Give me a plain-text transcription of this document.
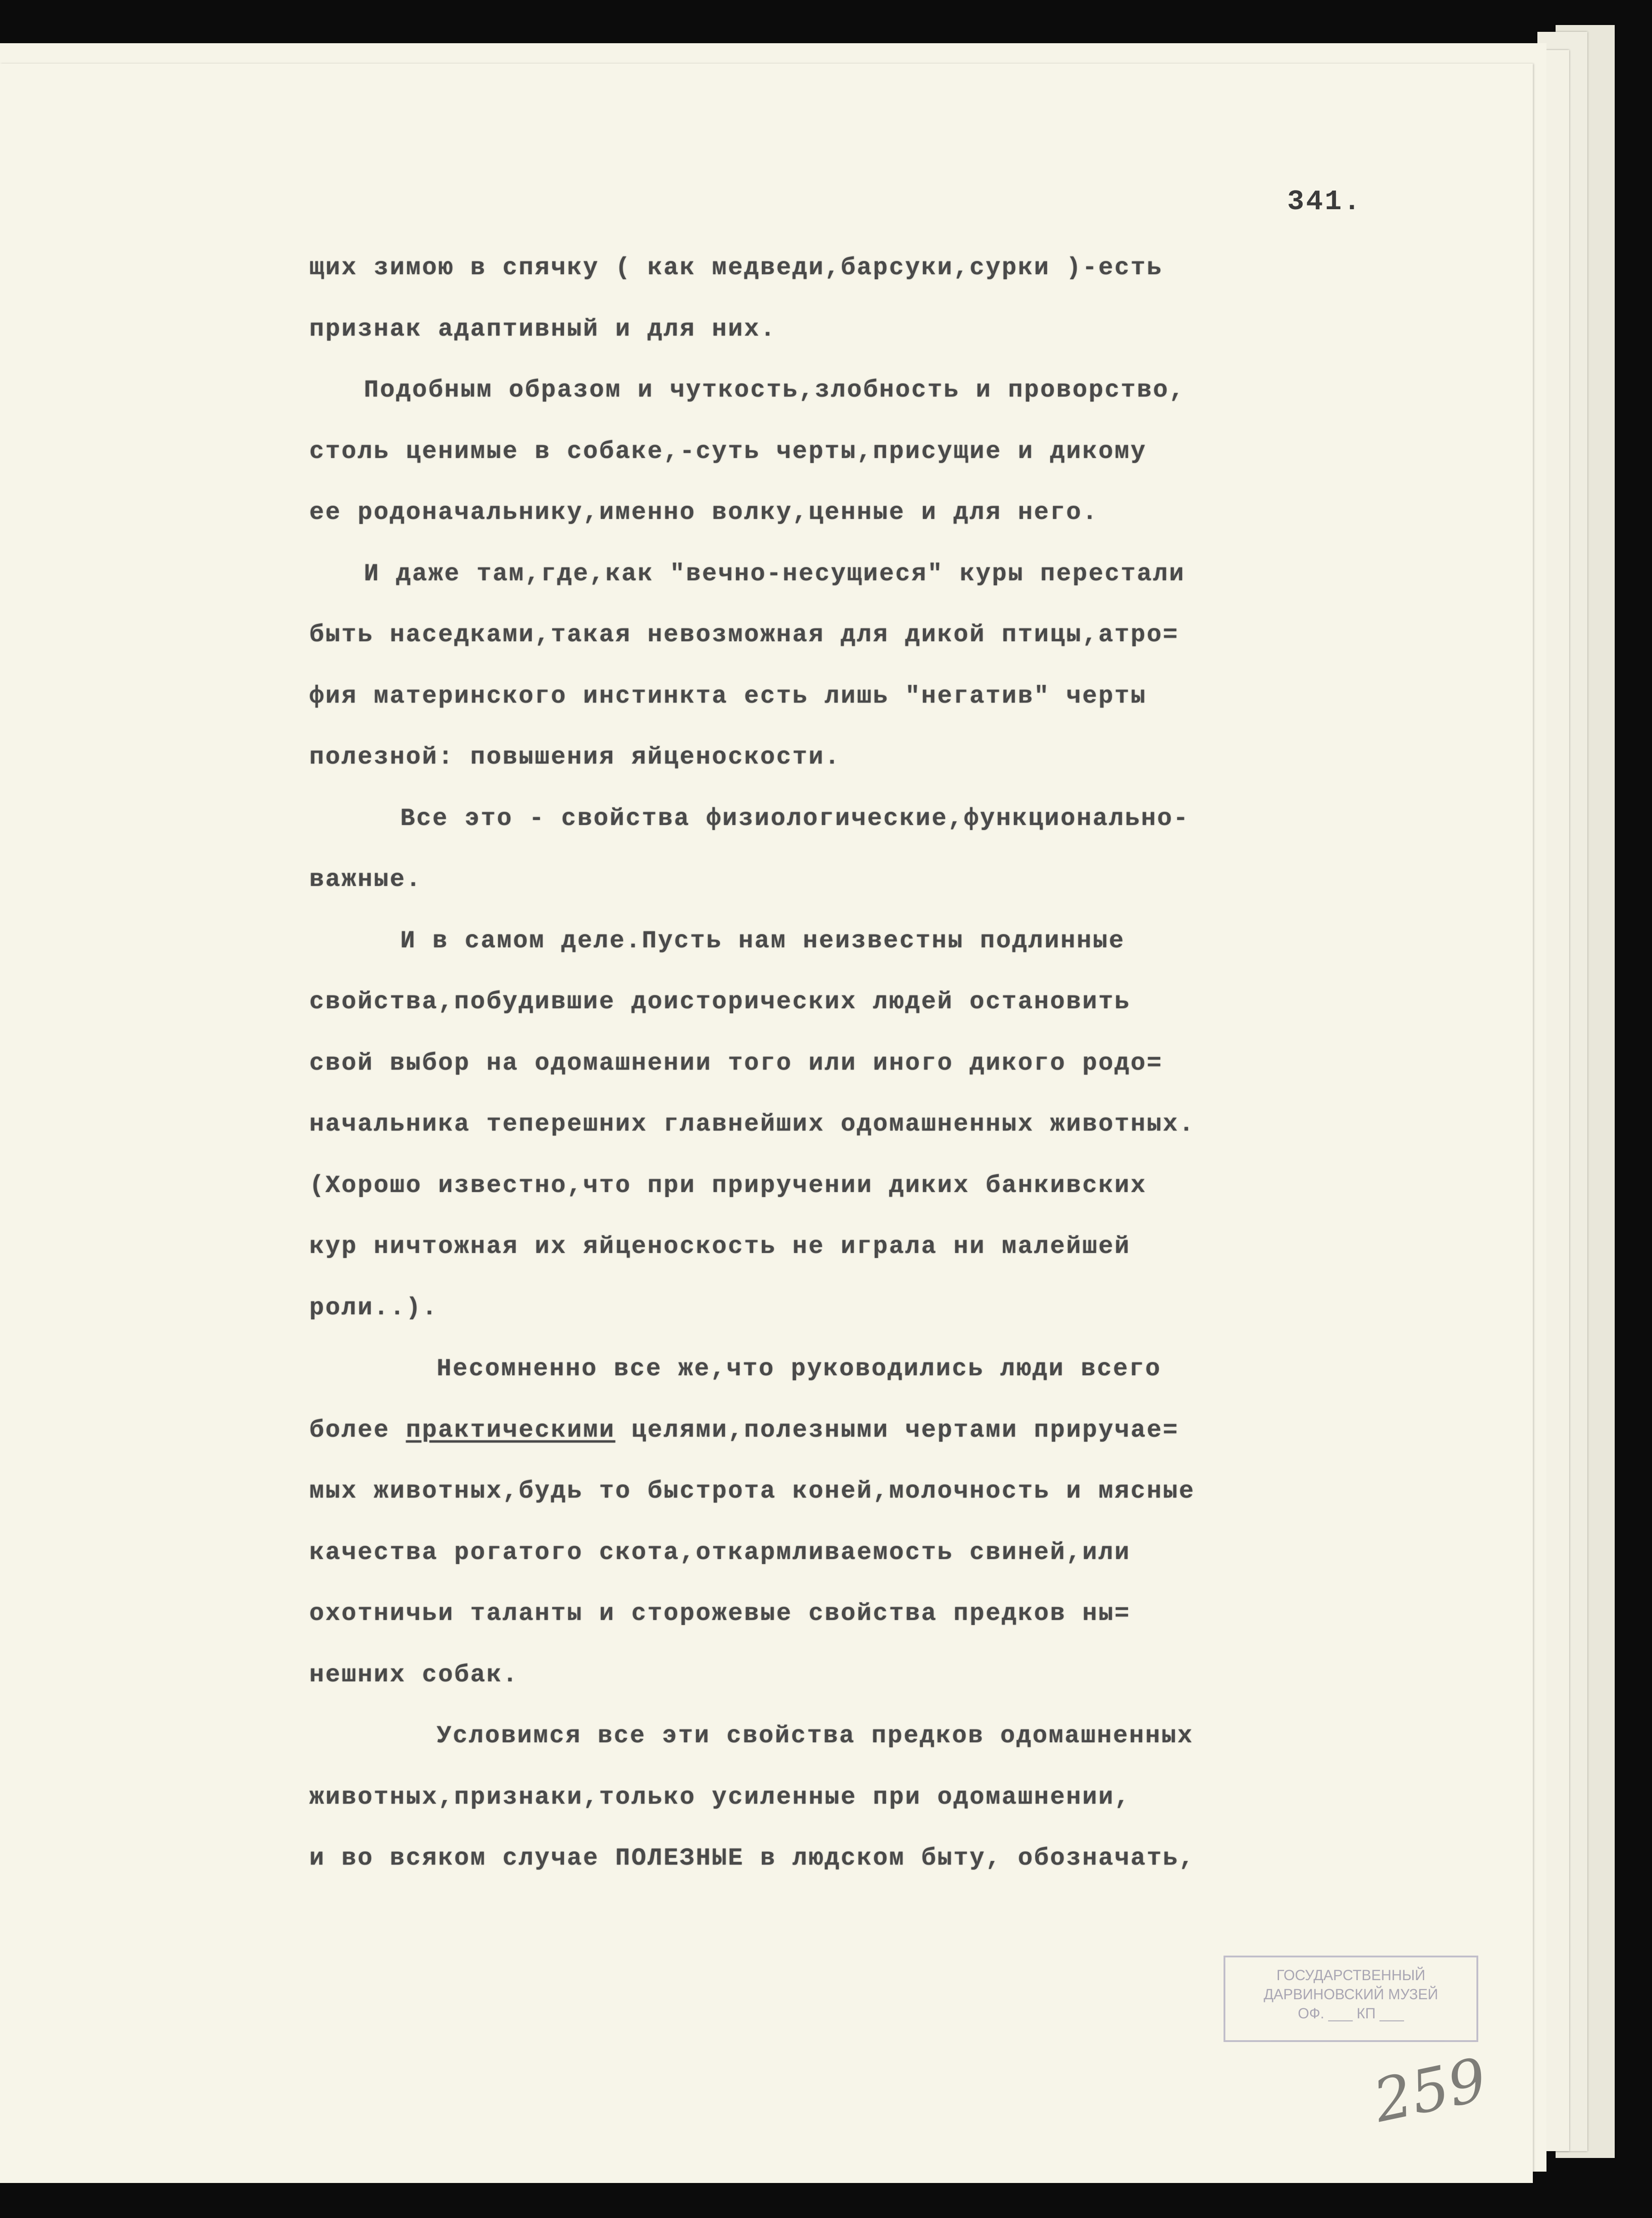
341.
щих зимою в спячку ( как медведи,барсуки,сурки )-есть
признак адаптивный и для них.
Подобным образом и чуткость,злобность и проворство,
столь ценимые в собаке,-суть черты,присущие и дикому
ее родоначальнику,именно волку,ценные и для него.
И даже там,где,как "вечно-несущиеся" куры перестали
быть наседками,такая невозможная для дикой птицы,атро=
фия материнского инстинкта есть лишь "негатив" черты
полезной: повышения яйценоскости.
Все это - свойства физиологические,функционально-
важные.
И в самом деле.Пусть нам неизвестны подлинные
свойства,побудившие доисторических людей остановить
свой выбор на одомашнении того или иного дикого родо=
начальника теперешних главнейших одомашненных животных.
(Хорошо известно,что при приручении диких банкивских
кур ничтожная их яйценоскость не играла ни малейшей
роли..).
Несомненно все же,что руководились люди всего
более практическими целями,полезными чертами приручае=
мых животных,будь то быстрота коней,молочность и мясные
качества рогатого скота,откармливаемость свиней,или
охотничьи таланты и сторожевые свойства предков ны=
нешних собак.
Условимся все эти свойства предков одомашненных
животных,признаки,только усиленные при одомашнении,
и во всяком случае ПОЛЕЗНЫЕ в людском быту, обозначать,
ГОСУДАРСТВЕННЫЙ
ДАРВИНОВСКИЙ МУЗЕЙ
ОФ. ___ КП ___
259
